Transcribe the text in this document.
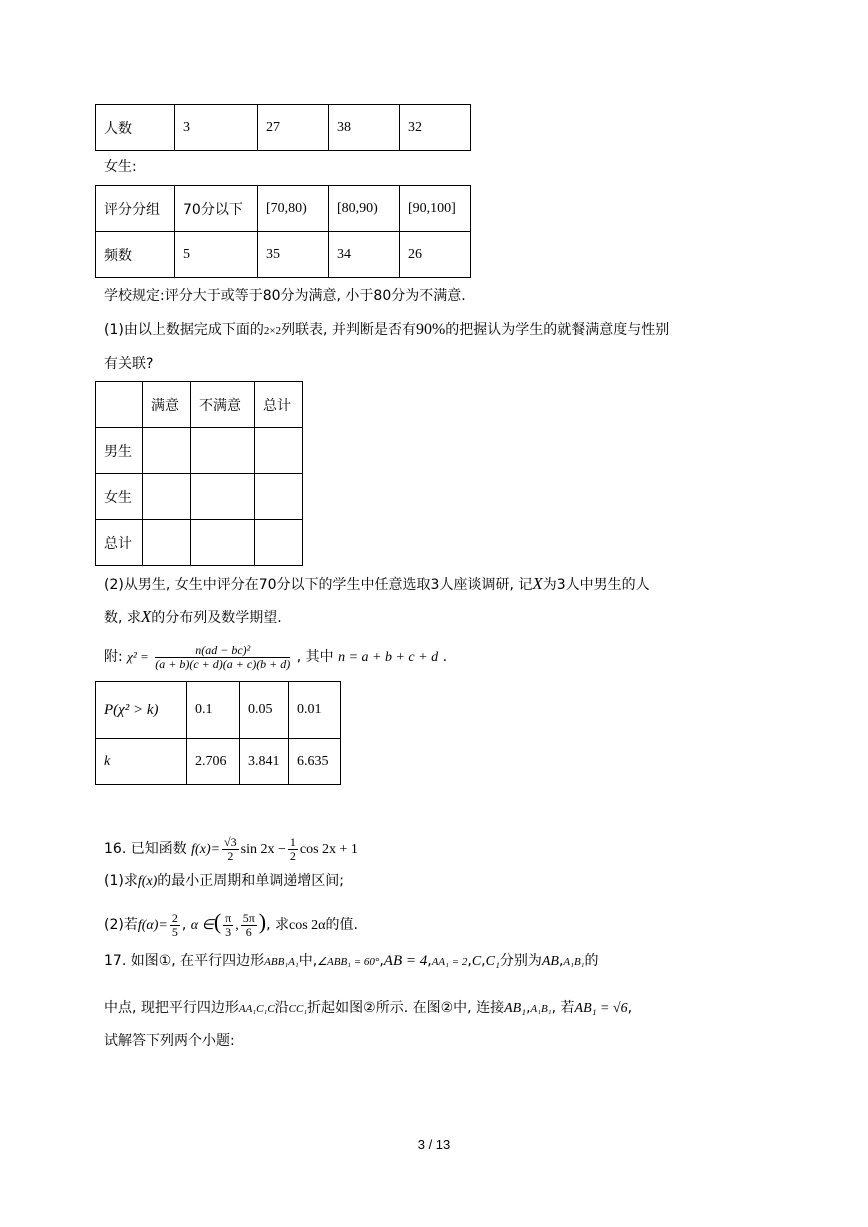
人数	3	27	38	32
女生:
评分分组	70分以下	[70,80)	[80,90)	[90,100]
频数	5	35	34	26
学校规定:评分大于或等于80分为满意, 小于80分为不满意.
(1)由以上数据完成下面的2×2列联表, 并判断是否有90%的把握认为学生的就餐满意度与性别
有关联?
	满意	不满意	总计
男生			
女生			
总计			
(2)从男生, 女生中评分在70分以下的学生中任意选取3人座谈调研, 记X为3人中男生的人
数, 求X的分布列及数学期望.
附: $\chi^2 = \frac{\text{n(ad − bc)²}}{(a + b)(c + d)(a + c)(b + d)}$ , 其中 n = a + b + c + d .
P(χ² > k)	0.1	0.05	0.01
k	2.706	3.841	6.635
16. 已知函数 $f(x)= \frac{√3}{2}$ $\sin 2x - \frac{1}{2}$ cos 2x + 1
(1)求f(x)的最小正周期和单调递增区间;
(2)若$f(\alpha)= \frac{2}{5}$ , α ∈( $\frac{\pi}{3}$ , $\frac{5\pi}{6}$ ), 求cos 2α的值.
17. 如图①, 在平行四边形ABB₁A₁中,∠ABB₁ = 60°,AB = 4,AA₁ = 2,C,C₁分别为AB,A₁B₁的
中点, 现把平行四边形AA₁C₁C沿CC₁折起如图②所示. 在图②中, 连接AB₁,A₁B₁, 若AB₁ = √6,
试解答下列两个小题:
3 / 13
